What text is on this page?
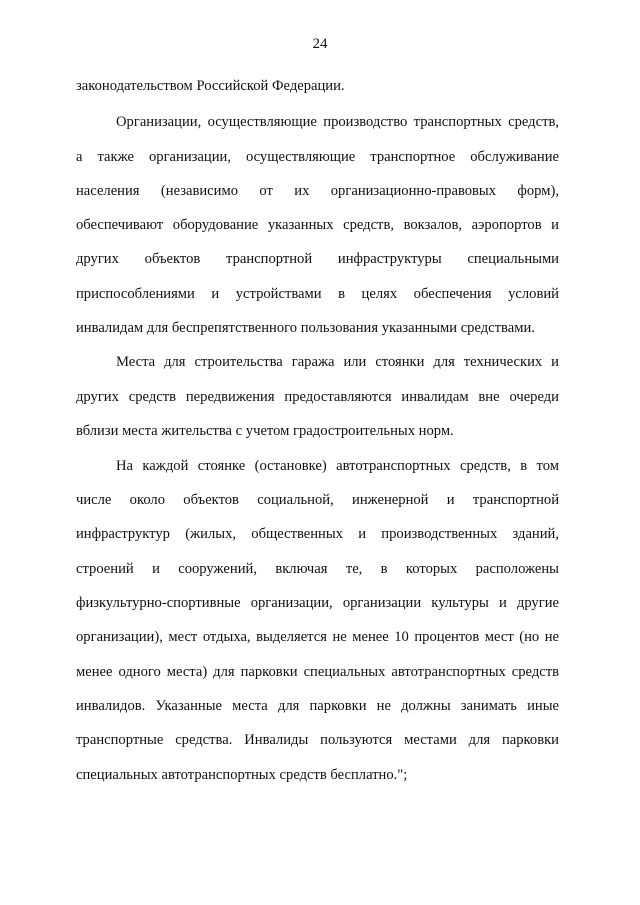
24
законодательством Российской Федерации.
Организации, осуществляющие производство транспортных средств,
а также организации, осуществляющие транспортное обслуживание
населения (независимо от их организационно-правовых форм),
обеспечивают оборудование указанных средств, вокзалов, аэропортов и
других объектов транспортной инфраструктуры специальными
приспособлениями и устройствами в целях обеспечения условий
инвалидам для беспрепятственного пользования указанными средствами.
Места для строительства гаража или стоянки для технических и
других средств передвижения предоставляются инвалидам вне очереди
вблизи места жительства с учетом градостроительных норм.
На каждой стоянке (остановке) автотранспортных средств, в том
числе около объектов социальной, инженерной и транспортной
инфраструктур (жилых, общественных и производственных зданий,
строений и сооружений, включая те, в которых расположены
физкультурно-спортивные организации, организации культуры и другие
организации), мест отдыха, выделяется не менее 10 процентов мест (но не
менее одного места) для парковки специальных автотранспортных средств
инвалидов. Указанные места для парковки не должны занимать иные
транспортные средства. Инвалиды пользуются местами для парковки
специальных автотранспортных средств бесплатно.";
